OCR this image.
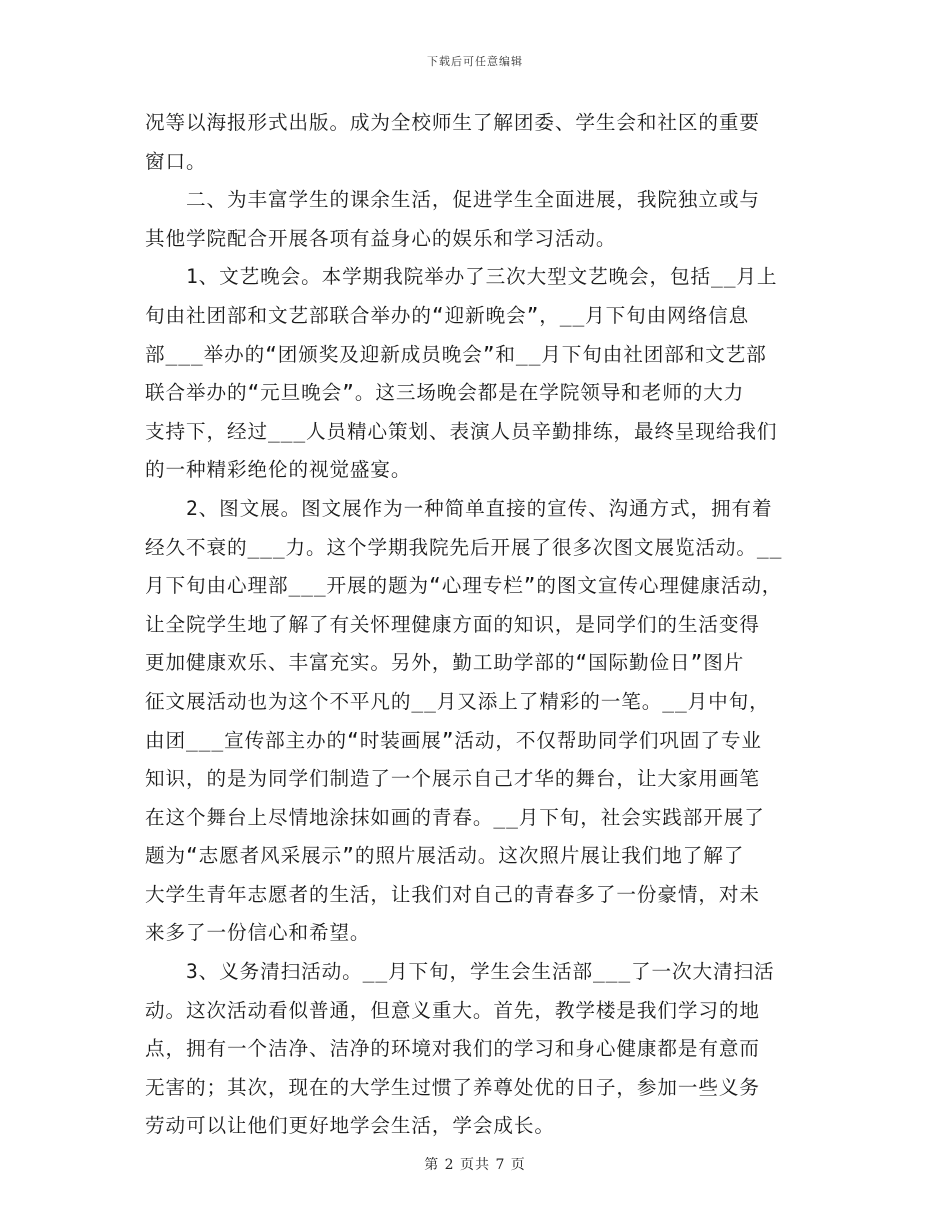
下载后可任意编辑
况等以海报形式出版。成为全校师生了解团委、学生会和社区的重要
窗口。
　　二、为丰富学生的课余生活，促进学生全面进展，我院独立或与
其他学院配合开展各项有益身心的娱乐和学习活动。
　　1、文艺晚会。本学期我院举办了三次大型文艺晚会，包括__月上
旬由社团部和文艺部联合举办的“迎新晚会”，__月下旬由网络信息
部___举办的“团颁奖及迎新成员晚会”和__月下旬由社团部和文艺部
联合举办的“元旦晚会”。这三场晚会都是在学院领导和老师的大力
支持下，经过___人员精心策划、表演人员辛勤排练，最终呈现给我们
的一种精彩绝伦的视觉盛宴。
　　2、图文展。图文展作为一种简单直接的宣传、沟通方式，拥有着
经久不衰的___力。这个学期我院先后开展了很多次图文展览活动。__
月下旬由心理部___开展的题为“心理专栏”的图文宣传心理健康活动，
让全院学生地了解了有关怀理健康方面的知识，是同学们的生活变得
更加健康欢乐、丰富充实。另外，勤工助学部的“国际勤俭日”图片
征文展活动也为这个不平凡的__月又添上了精彩的一笔。__月中旬，
由团___宣传部主办的“时装画展”活动，不仅帮助同学们巩固了专业
知识，的是为同学们制造了一个展示自己才华的舞台，让大家用画笔
在这个舞台上尽情地涂抹如画的青春。__月下旬，社会实践部开展了
题为“志愿者风采展示”的照片展活动。这次照片展让我们地了解了
大学生青年志愿者的生活，让我们对自己的青春多了一份豪情，对未
来多了一份信心和希望。
　　3、义务清扫活动。__月下旬，学生会生活部___了一次大清扫活
动。这次活动看似普通，但意义重大。首先，教学楼是我们学习的地
点，拥有一个洁净、洁净的环境对我们的学习和身心健康都是有意而
无害的；其次，现在的大学生过惯了养尊处优的日子，参加一些义务
劳动可以让他们更好地学会生活，学会成长。
第 2 页共 7 页
